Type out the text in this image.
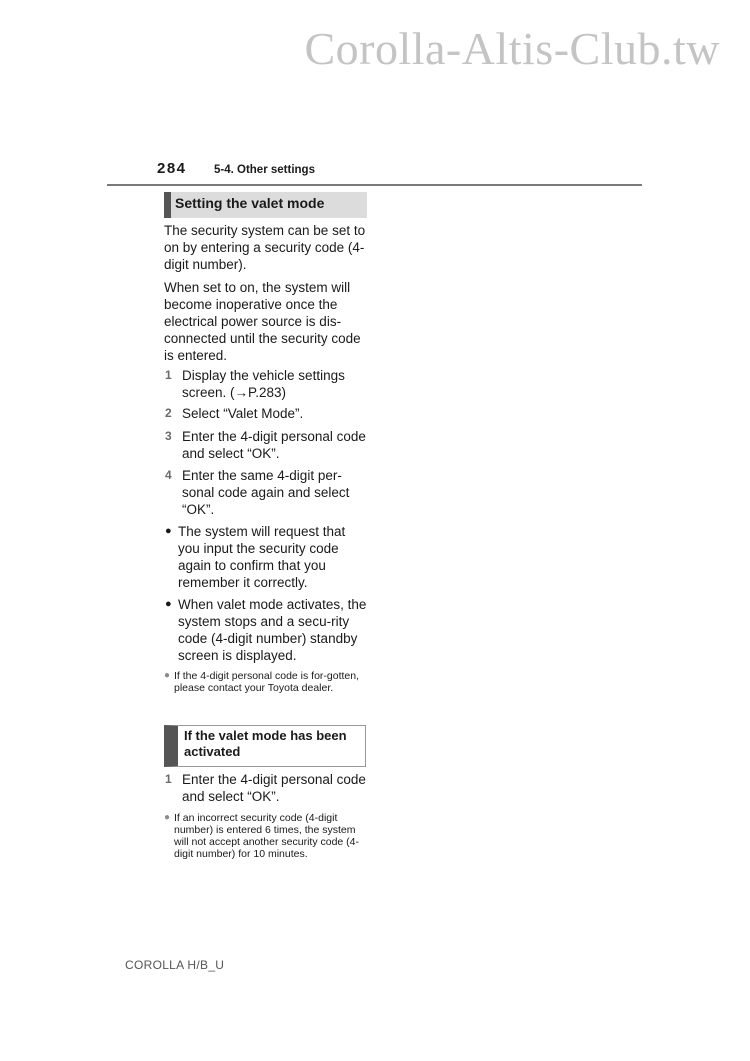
Corolla-Altis-Club.tw
284 5-4. Other settings
Setting the valet mode

The security system can be set to on by entering a security code (4-digit number).

When set to on, the system will become inoperative once the electrical power source is dis-connected until the security code is entered.

1 Display the vehicle settings screen. (→P.283)
2 Select “Valet Mode”.
3 Enter the 4-digit personal code and select “OK”.
4 Enter the same 4-digit per-sonal code again and select “OK”.
● The system will request that you input the security code again to confirm that you remember it correctly.
● When valet mode activates, the system stops and a secu-rity code (4-digit number) standby screen is displayed.
● If the 4-digit personal code is for-gotten, please contact your Toyota dealer.
If the valet mode has been activated
1 Enter the 4-digit personal code and select “OK”.
● If an incorrect security code (4-digit number) is entered 6 times, the system will not accept another security code (4-digit number) for 10 minutes.
COROLLA H/B_U
